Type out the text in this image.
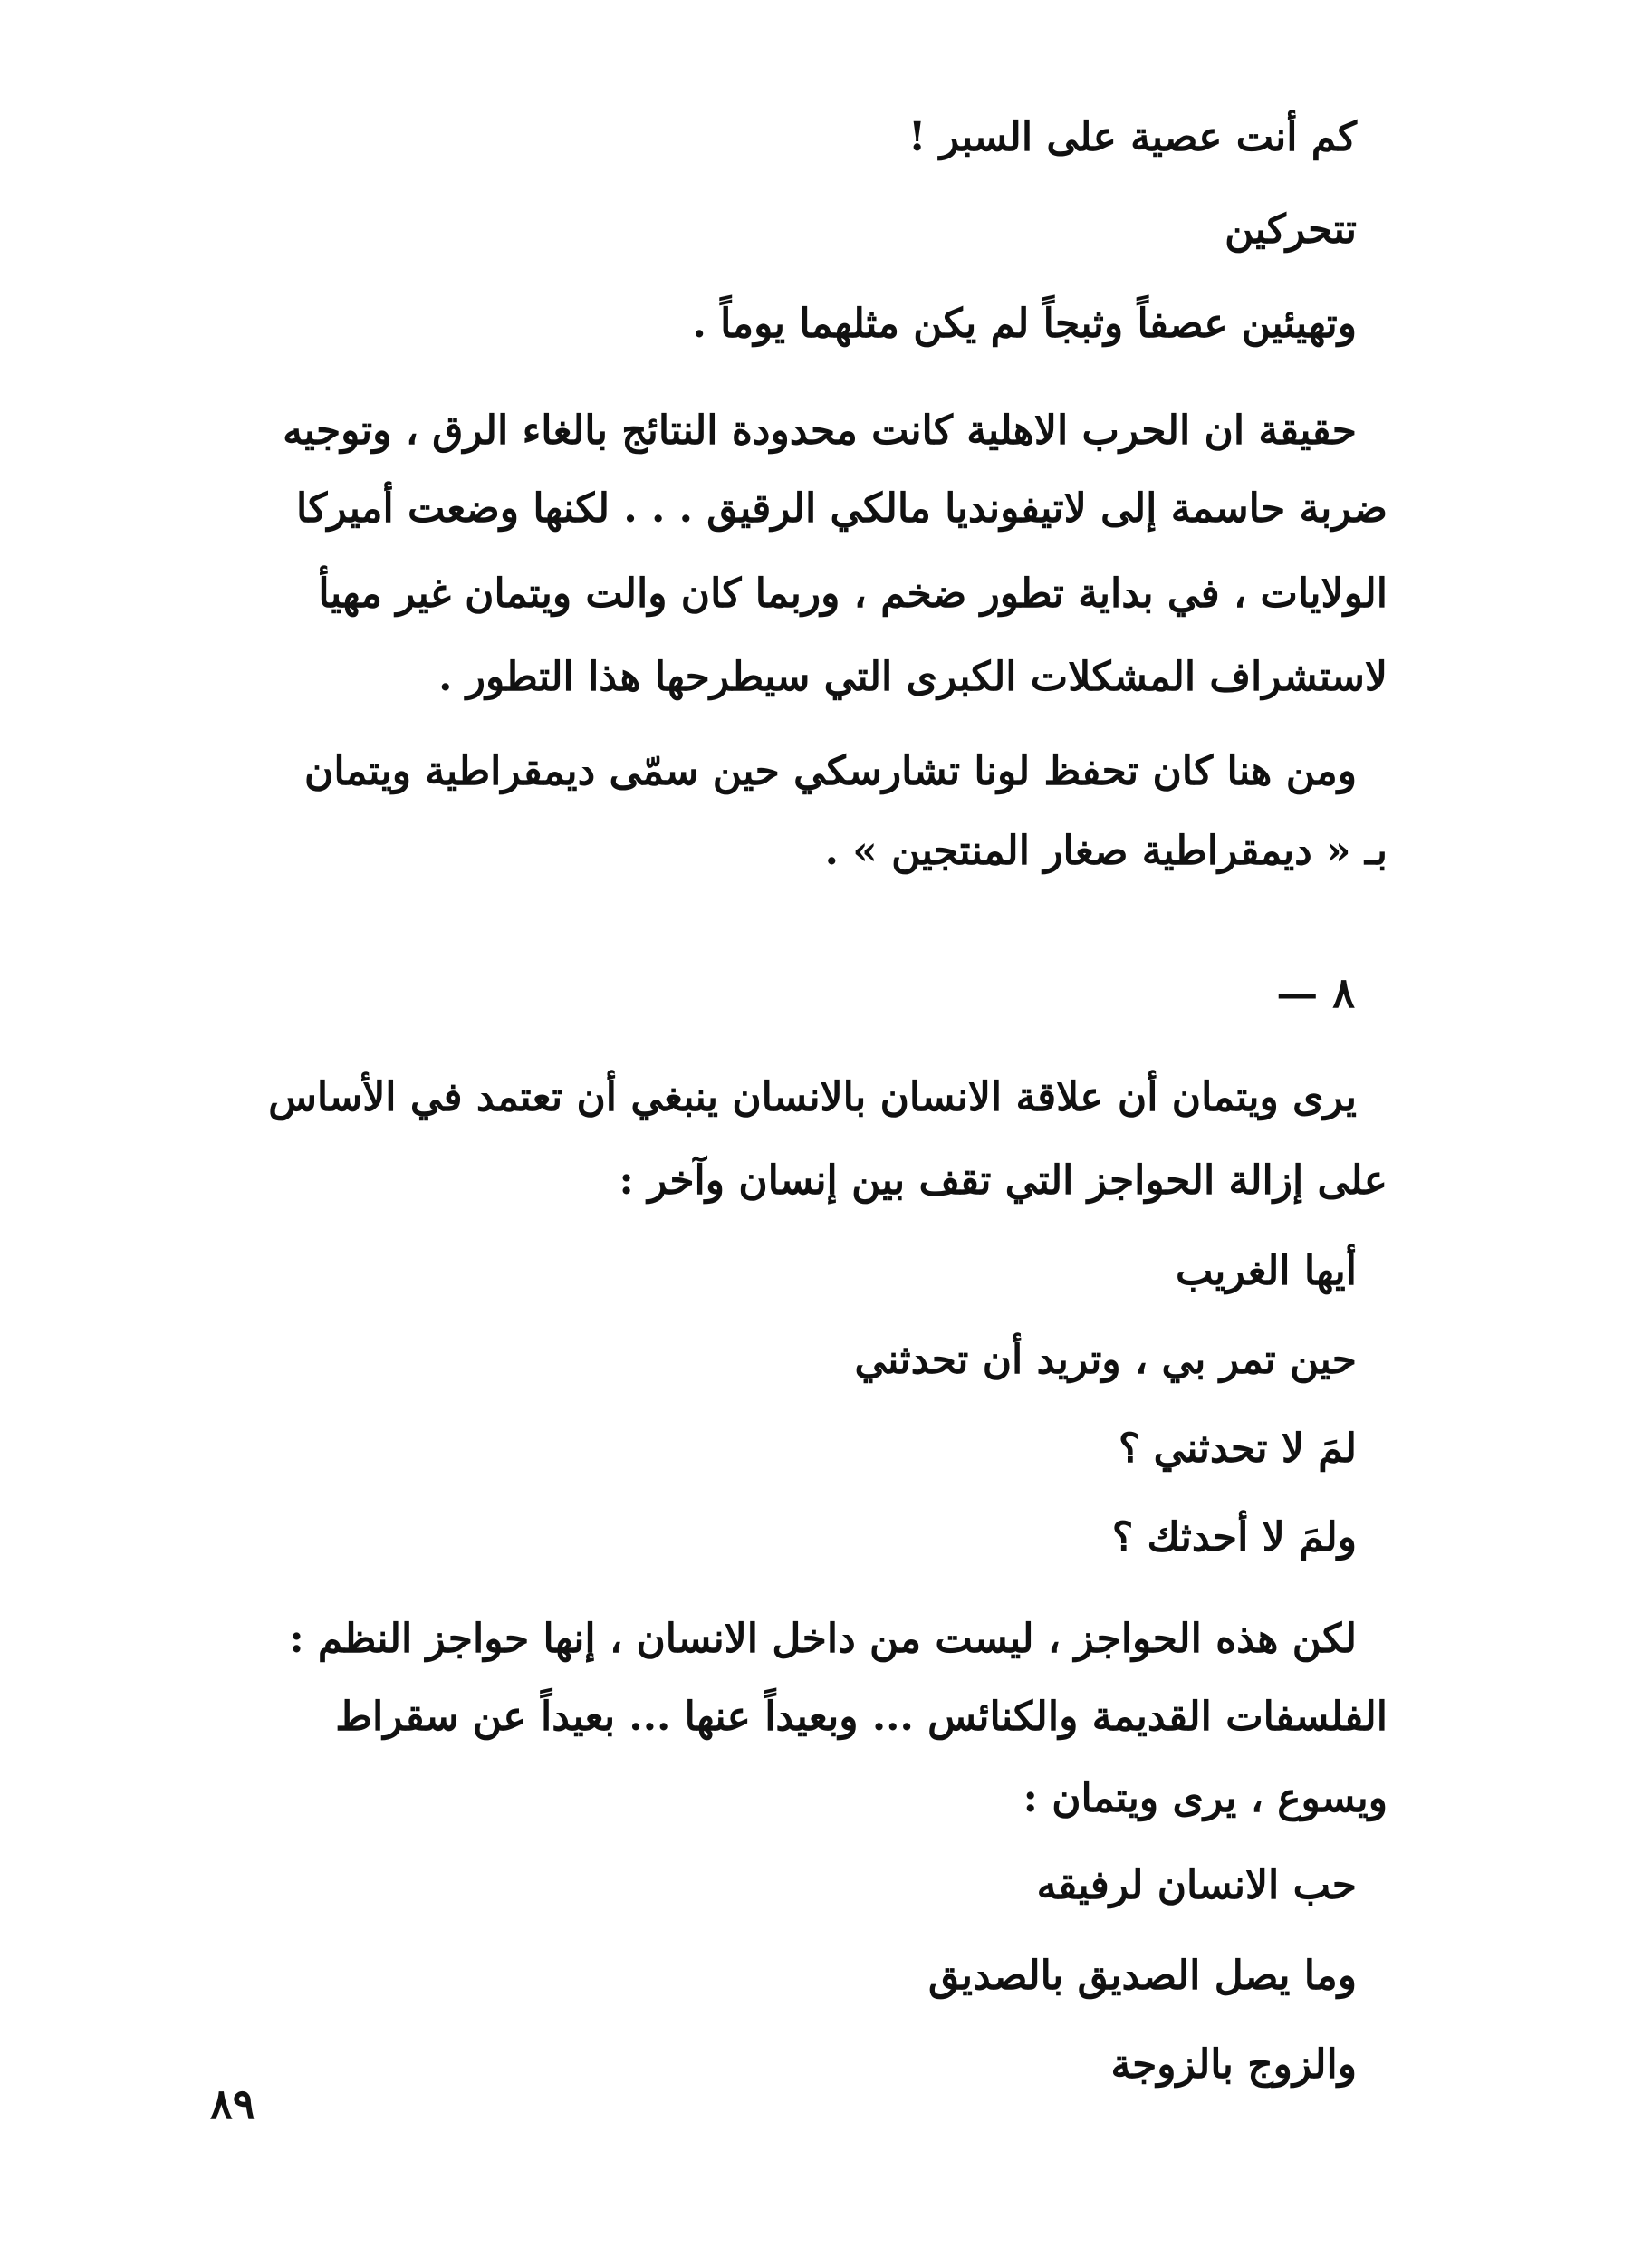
كم أنت عصية على السبر !
تتحركين
وتهيئين عصفاً وثبجاً لم يكن مثلهما يوماً .
حقيقة ان الحرب الاهلية كانت محدودة النتائج بالغاء الرق ، وتوجيه
ضربة حاسمة إلى لاتيفونديا مالكي الرقيق . . . لكنها وضعت أميركا
الولايات ، في بداية تطور ضخم ، وربما كان والت ويتمان غير مهيأ
لاستشراف المشكلات الكبرى التي سيطرحها هذا التطور .
ومن هنا كان تحفظ لونا تشارسكي حين سمّى ديمقراطية ويتمان
بـ « ديمقراطية صغار المنتجين » .
٨ —
يرى ويتمان أن علاقة الانسان بالانسان ينبغي أن تعتمد في الأساس
على إزالة الحواجز التي تقف بين إنسان وآخر :
أيها الغريب
حين تمر بي ، وتريد أن تحدثني
لمَ لا تحدثني ؟
ولمَ لا أحدثك ؟
لكن هذه الحواجز ، ليست من داخل الانسان ، إنها حواجز النظم :
الفلسفات القديمة والكنائس ... وبعيداً عنها ... بعيداً عن سقراط
ويسوع ، يرى ويتمان :
حب الانسان لرفيقه
وما يصل الصديق بالصديق
والزوج بالزوجة
٨٩
